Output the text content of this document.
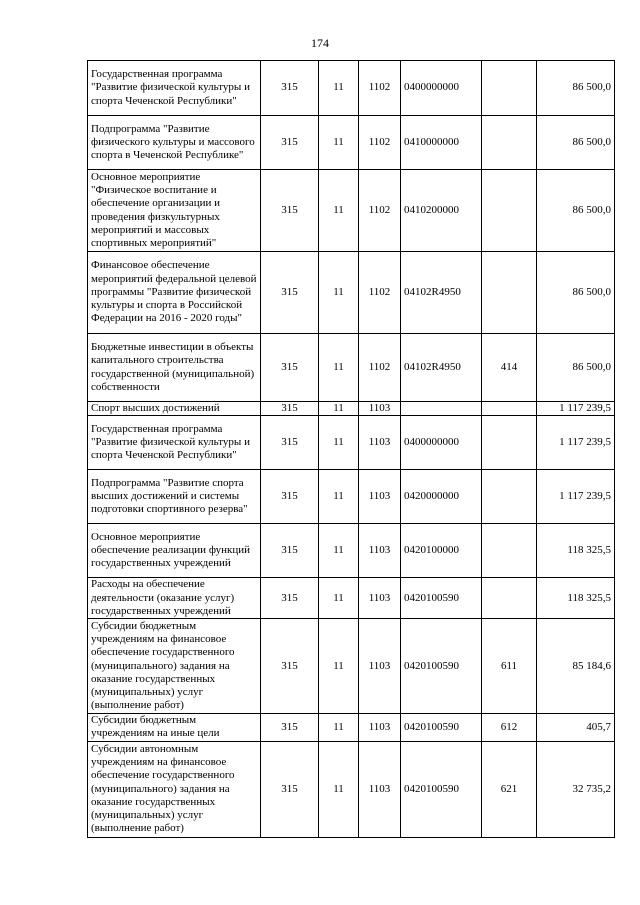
174
Государственная программа "Развитие физической культуры и спорта Чеченской Республики"	315	11	1102	0400000000		86 500,0
Подпрограмма "Развитие физического культуры и массового спорта в Чеченской Республике"	315	11	1102	0410000000		86 500,0
Основное мероприятие "Физическое воспитание и обеспечение организации и проведения физкультурных мероприятий и массовых спортивных мероприятий"	315	11	1102	0410200000		86 500,0
Финансовое обеспечение мероприятий федеральной целевой программы "Развитие физической культуры и спорта в Российской Федерации на 2016 - 2020 годы"	315	11	1102	04102R4950		86 500,0
Бюджетные инвестиции в объекты капитального строительства государственной (муниципальной) собственности	315	11	1102	04102R4950	414	86 500,0
Спорт высших достижений	315	11	1103			1 117 239,5
Государственная программа "Развитие физической культуры и спорта Чеченской Республики"	315	11	1103	0400000000		1 117 239,5
Подпрограмма "Развитие спорта высших достижений и системы подготовки спортивного резерва"	315	11	1103	0420000000		1 117 239,5
Основное мероприятие обеспечение реализации функций государственных учреждений	315	11	1103	0420100000		118 325,5
Расходы на обеспечение деятельности (оказание услуг) государственных учреждений	315	11	1103	0420100590		118 325,5
Субсидии бюджетным учреждениям на финансовое обеспечение государственного (муниципального) задания на оказание государственных (муниципальных) услуг (выполнение работ)	315	11	1103	0420100590	611	85 184,6
Субсидии бюджетным учреждениям на иные цели	315	11	1103	0420100590	612	405,7
Субсидии автономным учреждениям на финансовое обеспечение государственного (муниципального) задания на оказание государственных (муниципальных) услуг (выполнение работ)	315	11	1103	0420100590	621	32 735,2
